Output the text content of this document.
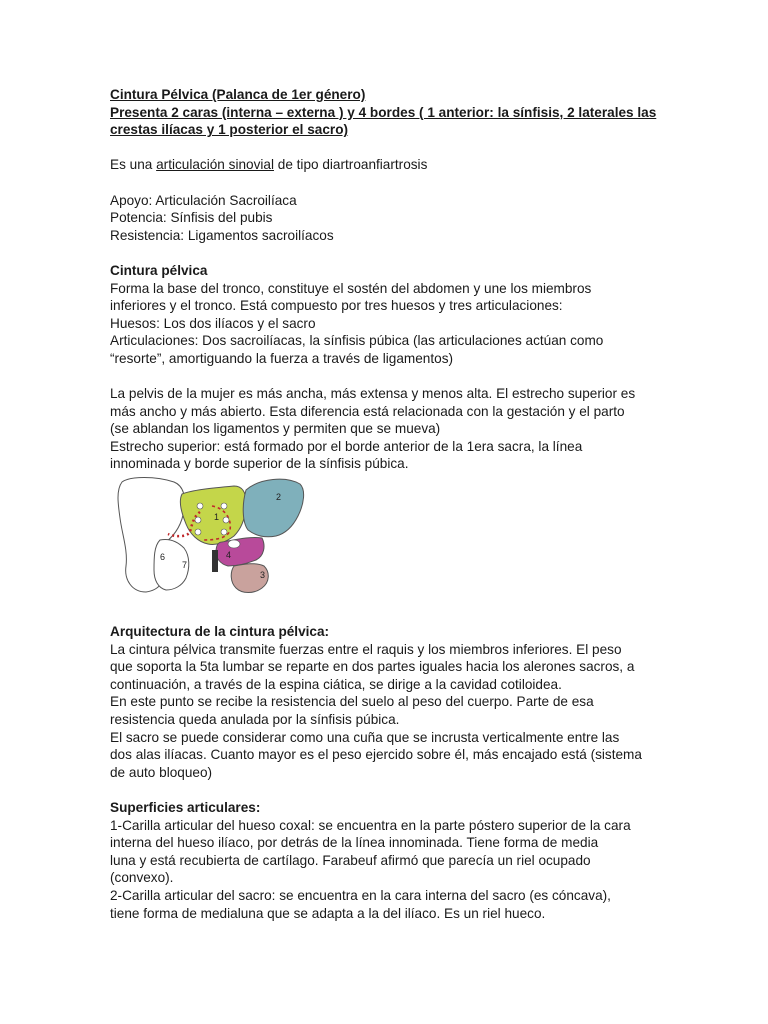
Cintura Pélvica (Palanca de 1er género)

Presenta 2 caras (interna – externa ) y 4 bordes ( 1 anterior: la sínfisis, 2 laterales las

crestas ilíacas y 1 posterior el sacro)

Es una articulación sinovial de tipo diartroanfiartrosis

Apoyo: Articulación Sacroilíaca

Potencia: Sínfisis del pubis

Resistencia: Ligamentos sacroilíacos

Cintura pélvica

Forma la base del tronco, constituye el sostén del abdomen y une los miembros

inferiores y el tronco. Está compuesto por tres huesos y tres articulaciones:

Huesos: Los dos ilíacos y el sacro

Articulaciones: Dos sacroilíacas, la sínfisis púbica (las articulaciones actúan como

“resorte”, amortiguando la fuerza a través de ligamentos)

La pelvis de la mujer es más ancha, más extensa y menos alta. El estrecho superior es

más ancho y más abierto. Esta diferencia está relacionada con la gestación y el parto

(se ablandan los ligamentos y permiten que se mueva)

Estrecho superior: está formado por el borde anterior de la 1era sacra, la línea

innominada y borde superior de la sínfisis púbica.

1
2
3
4
6
7

Arquitectura de la cintura pélvica:

La cintura pélvica transmite fuerzas entre el raquis y los miembros inferiores. El peso

que soporta la 5ta lumbar se reparte en dos partes iguales hacia los alerones sacros, a

continuación, a través de la espina ciática, se dirige a la cavidad cotiloidea.

En este punto se recibe la resistencia del suelo al peso del cuerpo. Parte de esa

resistencia queda anulada por la sínfisis púbica.

El sacro se puede considerar como una cuña que se incrusta verticalmente entre las

dos alas ilíacas. Cuanto mayor es el peso ejercido sobre él, más encajado está (sistema

de auto bloqueo)

Superficies articulares:

1-Carilla articular del hueso coxal: se encuentra en la parte póstero superior de la cara

interna del hueso ilíaco, por detrás de la línea innominada. Tiene forma de media

luna y está recubierta de cartílago. Farabeuf afirmó que parecía un riel ocupado

(convexo).

2-Carilla articular del sacro: se encuentra en la cara interna del sacro (es cóncava),

tiene forma de medialuna que se adapta a la del ilíaco. Es un riel hueco.
